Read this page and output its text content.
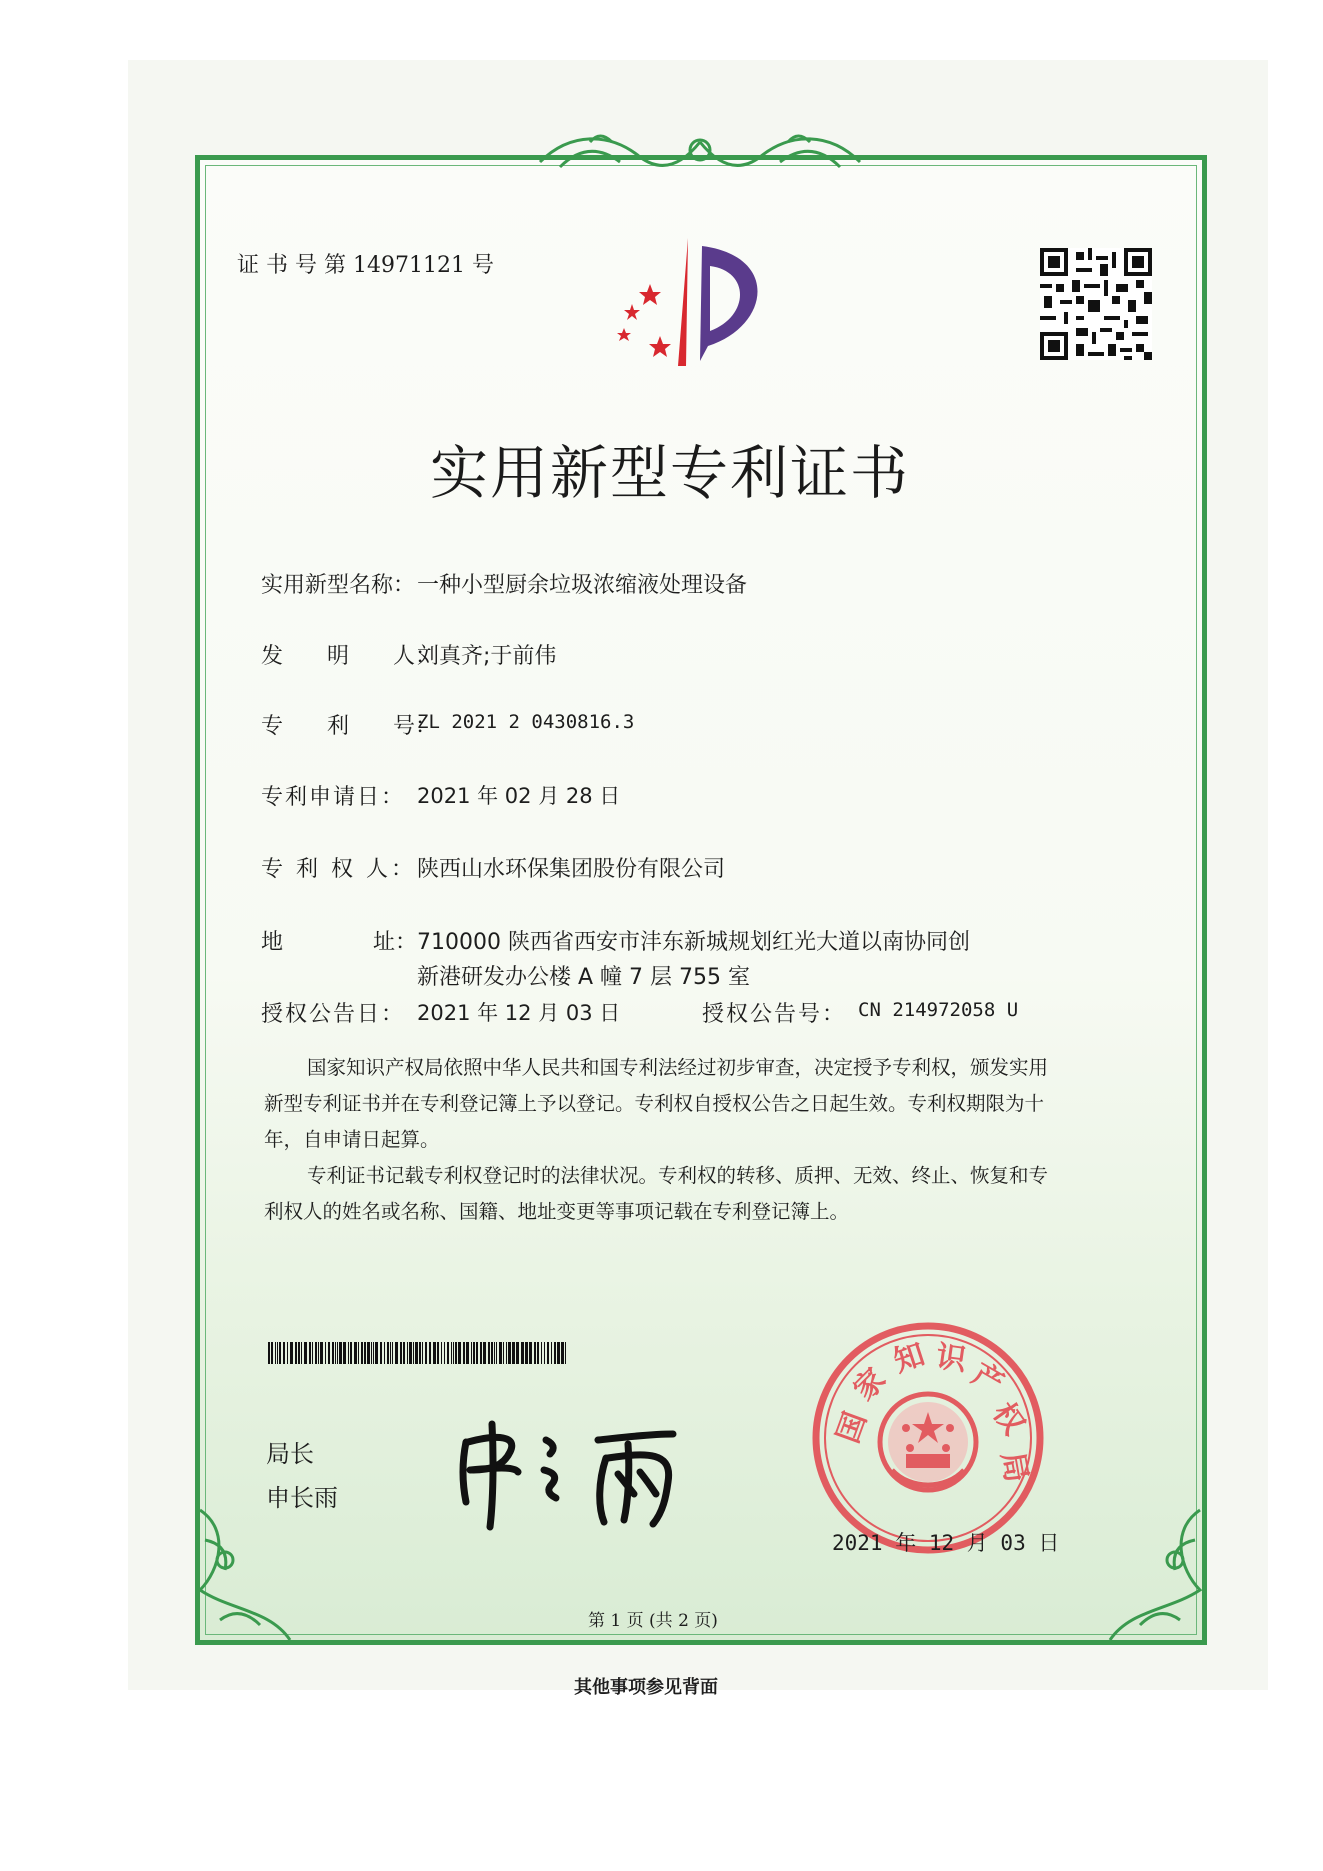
证 书 号 第 14971121 号
实用新型专利证书
实用新型名称： 一种小型厨余垃圾浓缩液处理设备
发　　明　　人：
刘真齐;于前伟
专　　利　　号：
ZL 2021 2 0430816.3
专利申请日： 2021 年 02 月 28 日
专 利 权 人： 陕西山水环保集团股份有限公司
地	址： 710000 陕西省西安市沣东新城规划红光大道以南协同创
新港研发办公楼 A 幢 7 层 755 室
授权公告日： 2021 年 12 月 03 日	授权公告号： CN 214972058 U
国家知识产权局依照中华人民共和国专利法经过初步审查，决定授予专利权，颁发实用
新型专利证书并在专利登记簿上予以登记。专利权自授权公告之日起生效。专利权期限为十
年，自申请日起算。
专利证书记载专利权登记时的法律状况。专利权的转移、质押、无效、终止、恢复和专
利权人的姓名或名称、国籍、地址变更等事项记载在专利登记簿上。
局长
申长雨
国
家
知 识
产
权
局
2021 年 12 月 03 日
第 1 页 (共 2 页)
其他事项参见背面
